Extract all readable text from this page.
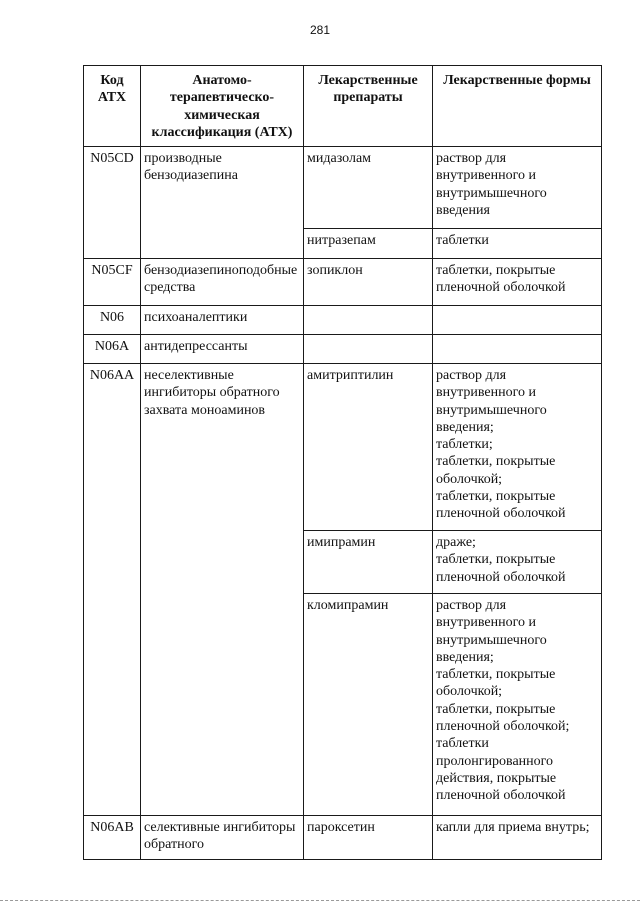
281
Код АТХ	Анатомо-терапевтическо-химическая классификация (АТХ)	Лекарственные препараты	Лекарственные формы
N05CD	производные бензодиазепина	мидазолам	раствор для внутривенного и внутримышечного введения

		нитразепам	таблетки

N05CF	бензодиазепиноподобные средства	зопиклон	таблетки, покрытые пленочной оболочкой

N06	психоаналептики		
N06A	антидепрессанты		
N06AA	неселективные ингибиторы обратного захвата моноаминов	амитриптилин	раствор для внутривенного и внутримышечного введения;
таблетки;
таблетки, покрытые оболочкой;
таблетки, покрытые пленочной оболочкой

		имипрамин	драже;
таблетки, покрытые пленочной оболочкой

		кломипрамин	раствор для внутривенного и внутримышечного введения;
таблетки, покрытые оболочкой;
таблетки, покрытые пленочной оболочкой;
таблетки пролонгированного действия, покрытые пленочной оболочкой

N06AB	селективные ингибиторы обратного	пароксетин	капли для приема внутрь;
